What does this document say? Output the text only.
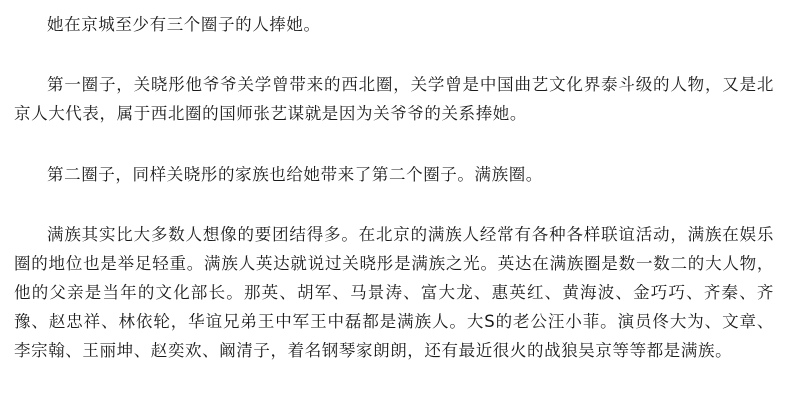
她在京城至少有三个圈子的人捧她。

第一圈子，关晓彤他爷爷关学曾带来的西北圈，关学曾是中国曲艺文化界泰斗级的人物，又是北京人大代表，属于西北圈的国师张艺谋就是因为关爷爷的关系捧她。

第二圈子，同样关晓彤的家族也给她带来了第二个圈子。满族圈。

满族其实比大多数人想像的要团结得多。在北京的满族人经常有各种各样联谊活动，满族在娱乐圈的地位也是举足轻重。满族人英达就说过关晓彤是满族之光。英达在满族圈是数一数二的大人物，他的父亲是当年的文化部长。那英、胡军、马景涛、富大龙、惠英红、黄海波、金巧巧、齐秦、齐豫、赵忠祥、林依轮，华谊兄弟王中军王中磊都是满族人。大S的老公汪小菲。演员佟大为、文章、李宗翰、王丽坤、赵奕欢、阚清子，着名钢琴家朗朗，还有最近很火的战狼吴京等等都是满族。
